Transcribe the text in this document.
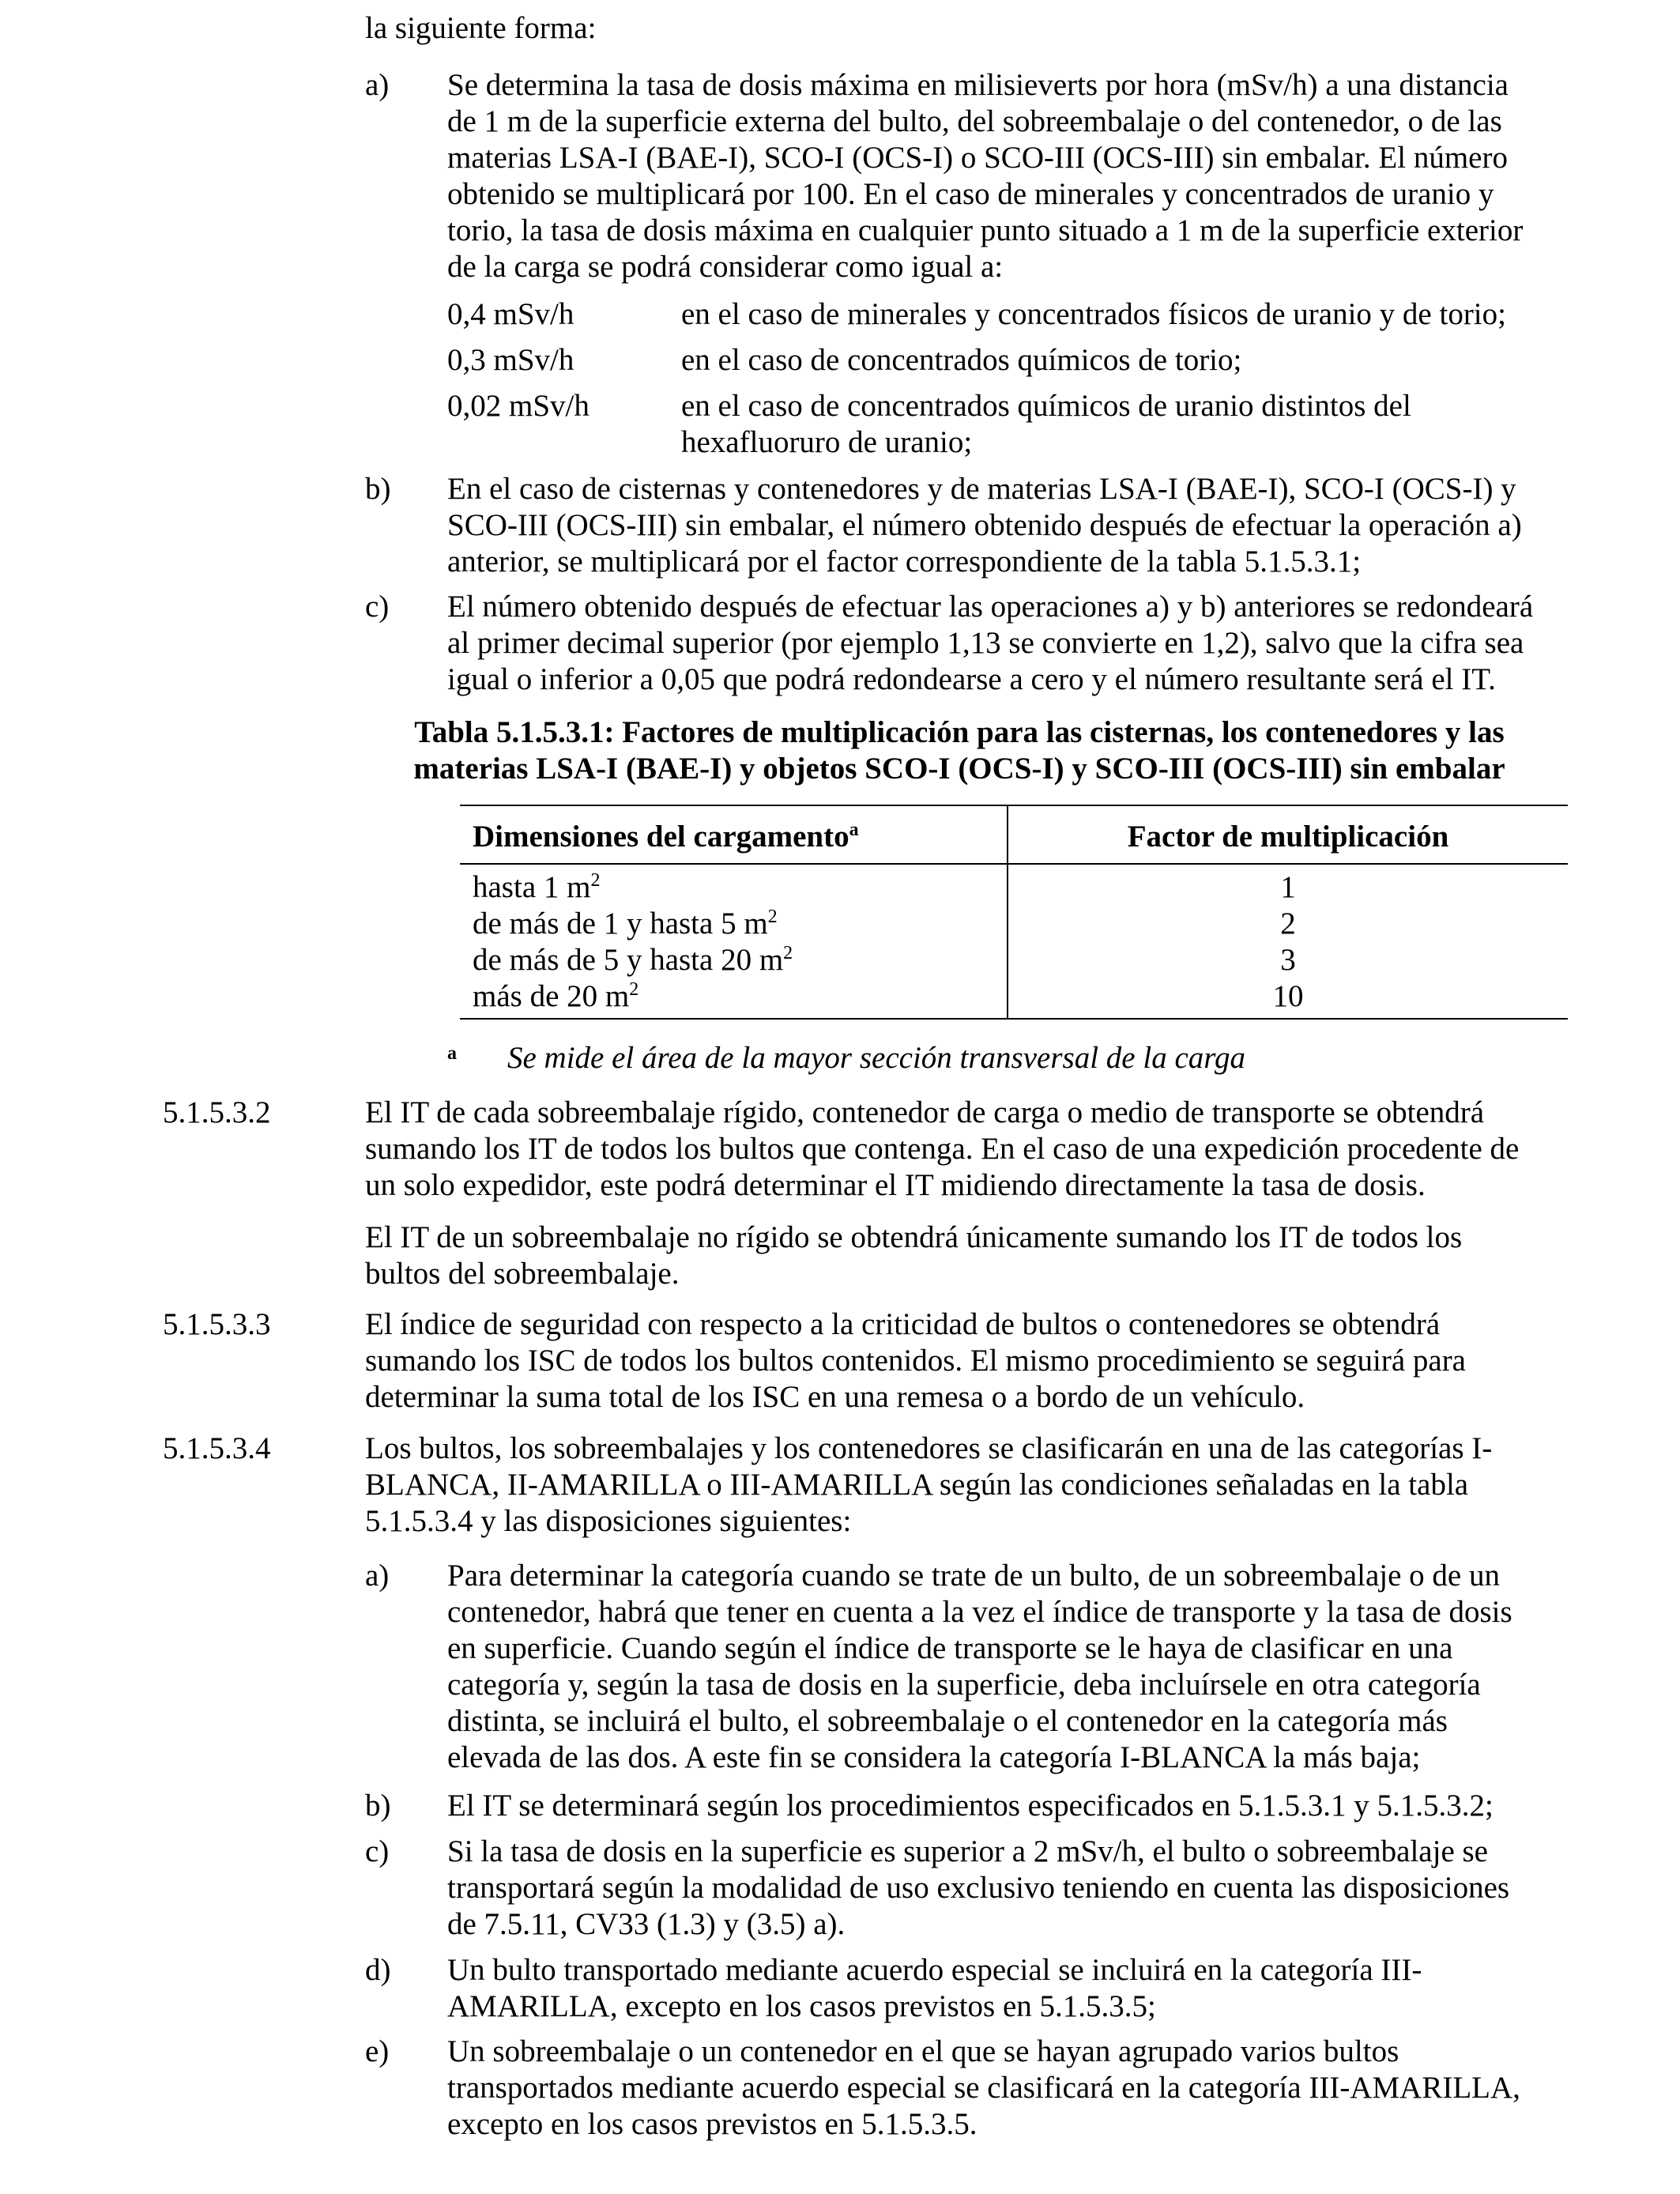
la siguiente forma:
a) Se determina la tasa de dosis máxima en milisieverts por hora (mSv/h) a una distancia
de 1 m de la superficie externa del bulto, del sobreembalaje o del contenedor, o de las
materias LSA-I (BAE-I), SCO-I (OCS-I) o SCO-III (OCS-III) sin embalar. El número
obtenido se multiplicará por 100. En el caso de minerales y concentrados de uranio y
torio, la tasa de dosis máxima en cualquier punto situado a 1 m de la superficie exterior
de la carga se podrá considerar como igual a:
0,4 mSv/h	en el caso de minerales y concentrados físicos de uranio y de torio;
0,3 mSv/h	en el caso de concentrados químicos de torio;
0,02 mSv/h	en el caso de concentrados químicos de uranio distintos del
hexafluoruro de uranio;
b) En el caso de cisternas y contenedores y de materias LSA-I (BAE-I), SCO-I (OCS-I) y
SCO-III (OCS-III) sin embalar, el número obtenido después de efectuar la operación a)
anterior, se multiplicará por el factor correspondiente de la tabla 5.1.5.3.1;
c) El número obtenido después de efectuar las operaciones a) y b) anteriores se redondeará
al primer decimal superior (por ejemplo 1,13 se convierte en 1,2), salvo que la cifra sea
igual o inferior a 0,05 que podrá redondearse a cero y el número resultante será el IT.
Tabla 5.1.5.3.1: Factores de multiplicación para las cisternas, los contenedores y las
materias LSA-I (BAE-I) y objetos SCO-I (OCS-I) y SCO-III (OCS-III) sin embalar
Dimensiones del cargamento$^a$	Factor de multiplicación
hasta 1 $m^2$	1
de más de 1 y hasta 5 $m^2$	2
de más de 5 y hasta 20 $m^2$	3
más de 20 $m^2$	10
a Se mide el área de la mayor sección transversal de la carga
5.1.5.3.2	El IT de cada sobreembalaje rígido, contenedor de carga o medio de transporte se obtendrá
sumando los IT de todos los bultos que contenga. En el caso de una expedición procedente de
un solo expedidor, este podrá determinar el IT midiendo directamente la tasa de dosis.
El IT de un sobreembalaje no rígido se obtendrá únicamente sumando los IT de todos los
bultos del sobreembalaje.
5.1.5.3.3	El índice de seguridad con respecto a la criticidad de bultos o contenedores se obtendrá
sumando los ISC de todos los bultos contenidos. El mismo procedimiento se seguirá para
determinar la suma total de los ISC en una remesa o a bordo de un vehículo.
5.1.5.3.4	Los bultos, los sobreembalajes y los contenedores se clasificarán en una de las categorías I-
BLANCA, II-AMARILLA o III-AMARILLA según las condiciones señaladas en la tabla
5.1.5.3.4 y las disposiciones siguientes:
a) Para determinar la categoría cuando se trate de un bulto, de un sobreembalaje o de un
contenedor, habrá que tener en cuenta a la vez el índice de transporte y la tasa de dosis
en superficie. Cuando según el índice de transporte se le haya de clasificar en una
categoría y, según la tasa de dosis en la superficie, deba incluírsele en otra categoría
distinta, se incluirá el bulto, el sobreembalaje o el contenedor en la categoría más
elevada de las dos. A este fin se considera la categoría I-BLANCA la más baja;
b) El IT se determinará según los procedimientos especificados en 5.1.5.3.1 y 5.1.5.3.2;
c) Si la tasa de dosis en la superficie es superior a 2 mSv/h, el bulto o sobreembalaje se
transportará según la modalidad de uso exclusivo teniendo en cuenta las disposiciones
de 7.5.11, CV33 (1.3) y (3.5) a).
d) Un bulto transportado mediante acuerdo especial se incluirá en la categoría III-
AMARILLA, excepto en los casos previstos en 5.1.5.3.5;
e) Un sobreembalaje o un contenedor en el que se hayan agrupado varios bultos
transportados mediante acuerdo especial se clasificará en la categoría III-AMARILLA,
excepto en los casos previstos en 5.1.5.3.5.
